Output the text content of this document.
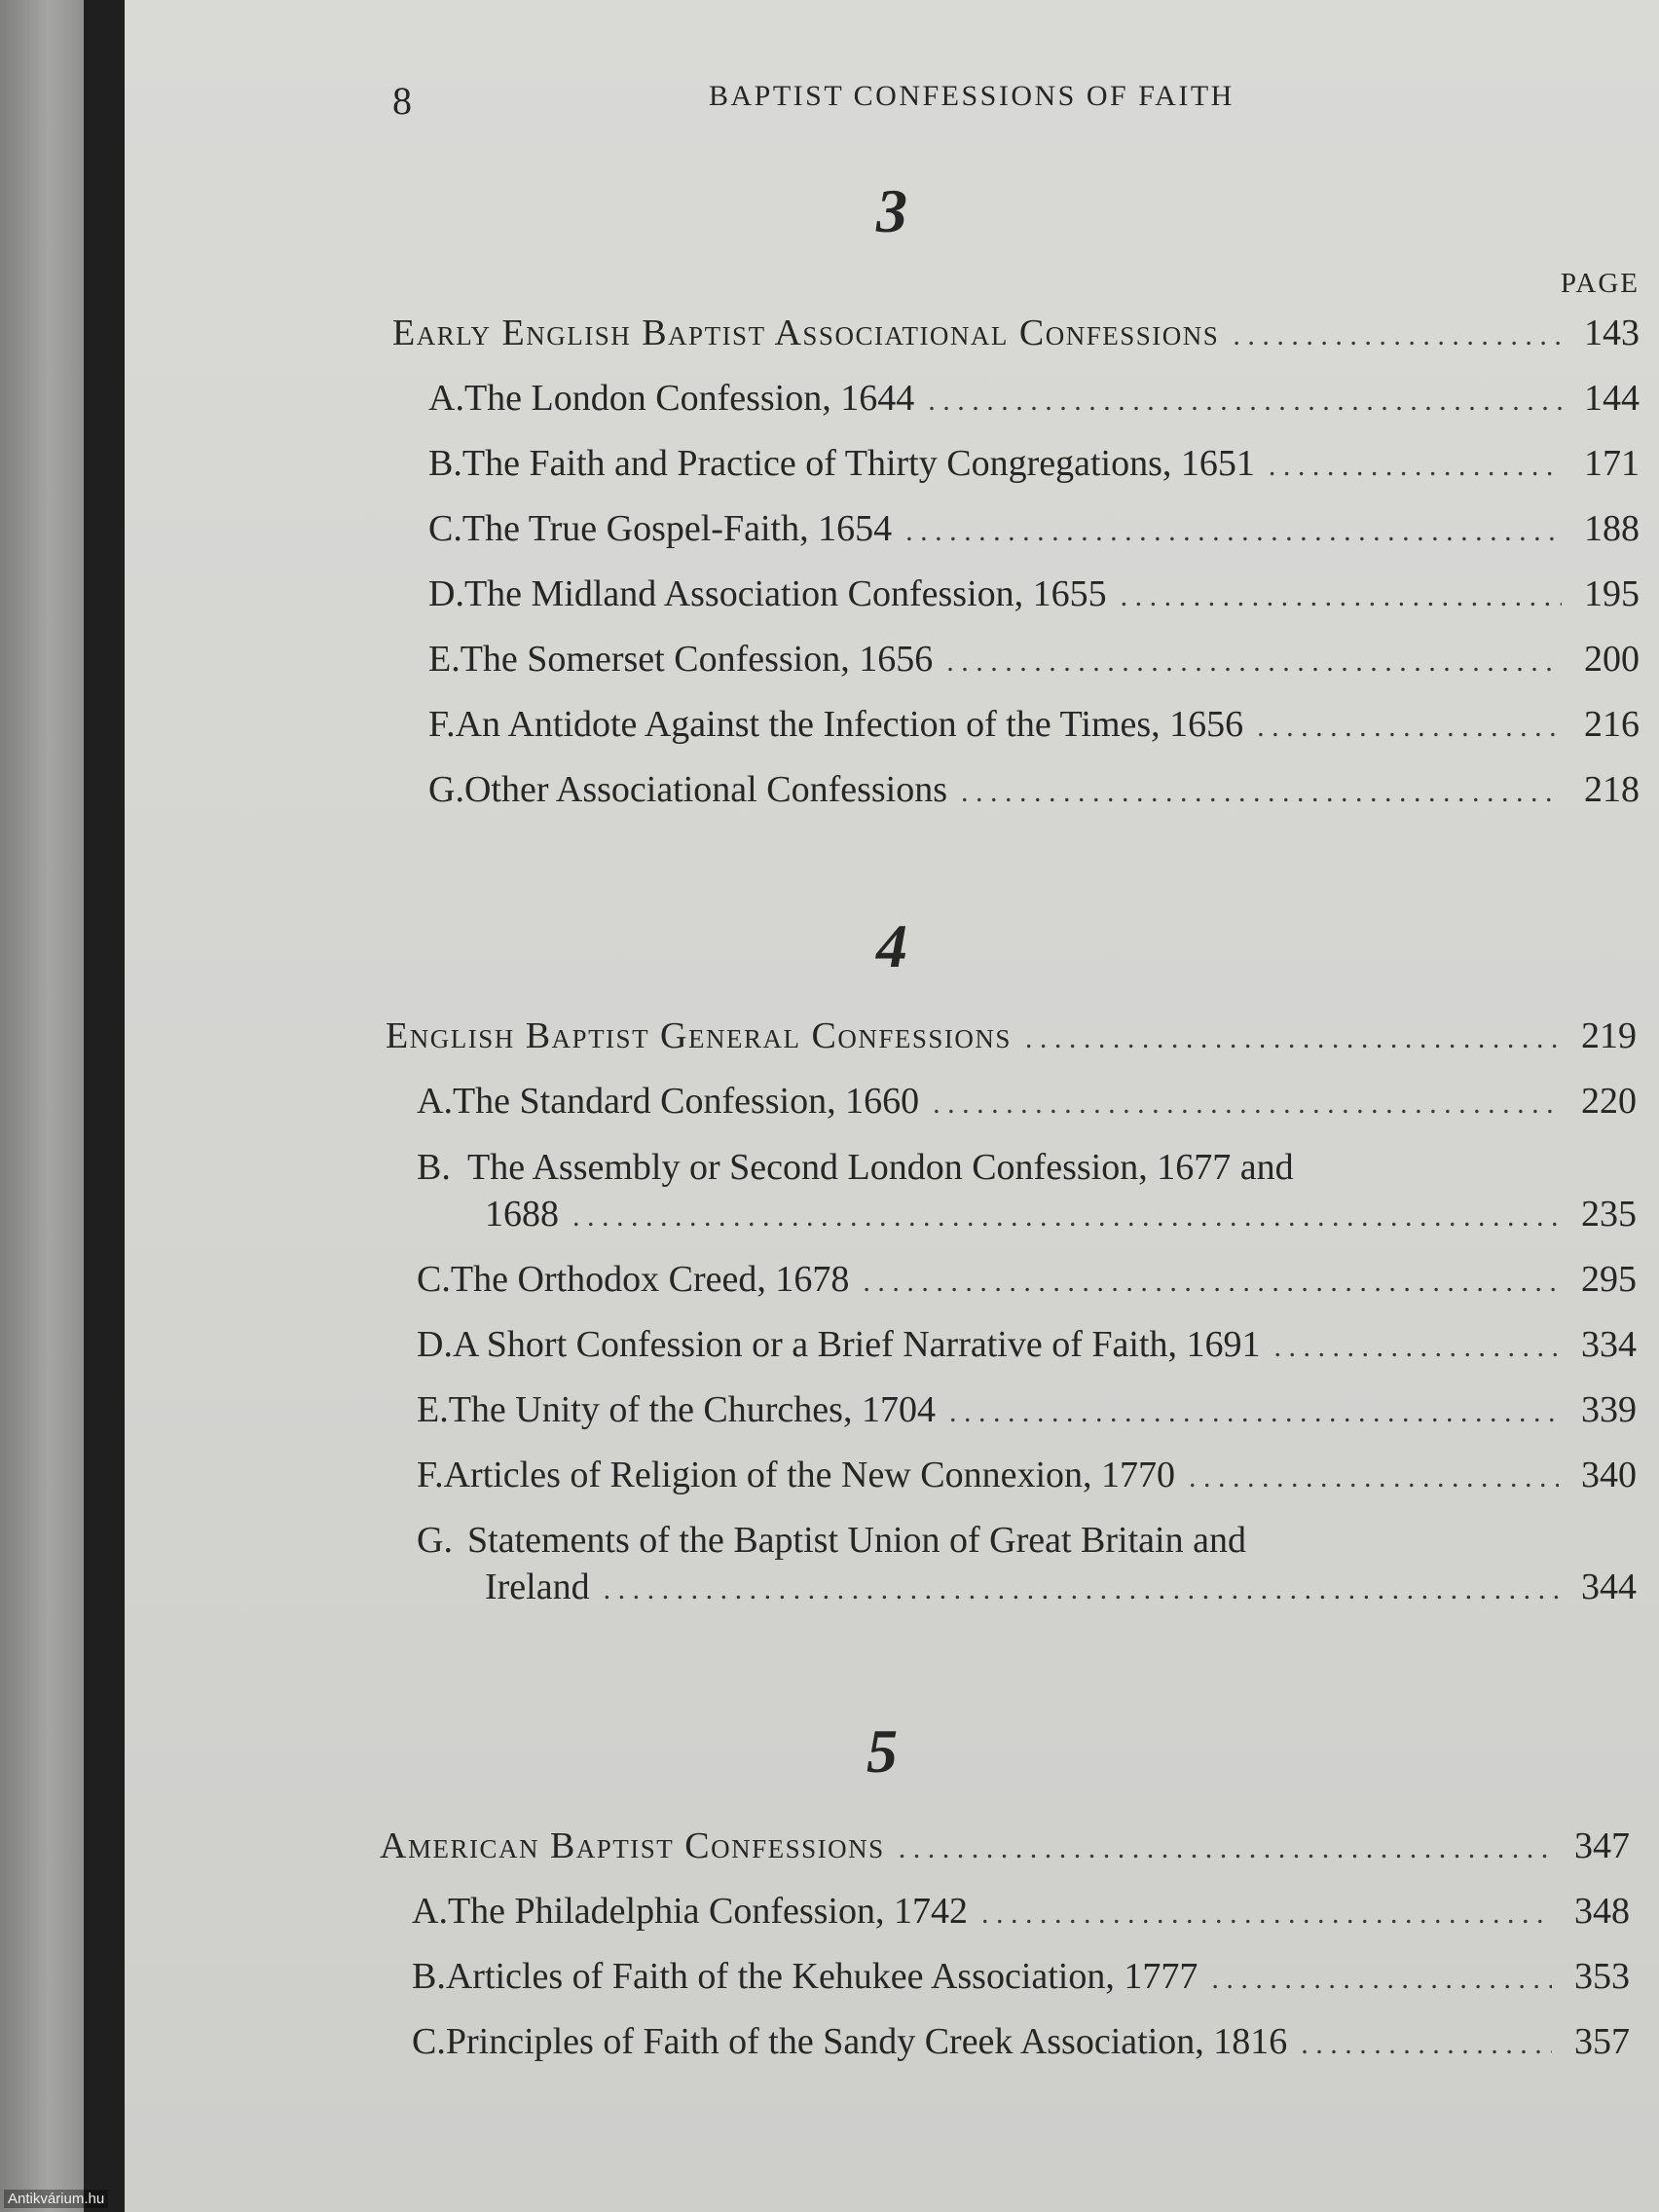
8	BAPTIST CONFESSIONS OF FAITH
3
PAGE
Early English Baptist Associational Confessions . . .	143
A. The London Confession, 1644 . . .	144
B. The Faith and Practice of Thirty Congregations, 1651 . . .	171
C. The True Gospel-Faith, 1654 . . .	188
D. The Midland Association Confession, 1655 . . .	195
E. The Somerset Confession, 1656 . . .	200
F. An Antidote Against the Infection of the Times, 1656 . . .	216
G. Other Associational Confessions . . .	218
4
English Baptist General Confessions . . .	219
A. The Standard Confession, 1660 . . .	220
B. The Assembly or Second London Confession, 1677 and
1688 . . .	235
C. The Orthodox Creed, 1678 . . .	295
D. A Short Confession or a Brief Narrative of Faith, 1691 . . .	334
E. The Unity of the Churches, 1704 . . .	339
F. Articles of Religion of the New Connexion, 1770 . . .	340
G. Statements of the Baptist Union of Great Britain and
Ireland . . .	344
5
American Baptist Confessions . . .	347
A. The Philadelphia Confession, 1742 . . .	348
B. Articles of Faith of the Kehukee Association, 1777 . . .	353
C. Principles of Faith of the Sandy Creek Association, 1816 . . .	357
Antikvárium.hu
